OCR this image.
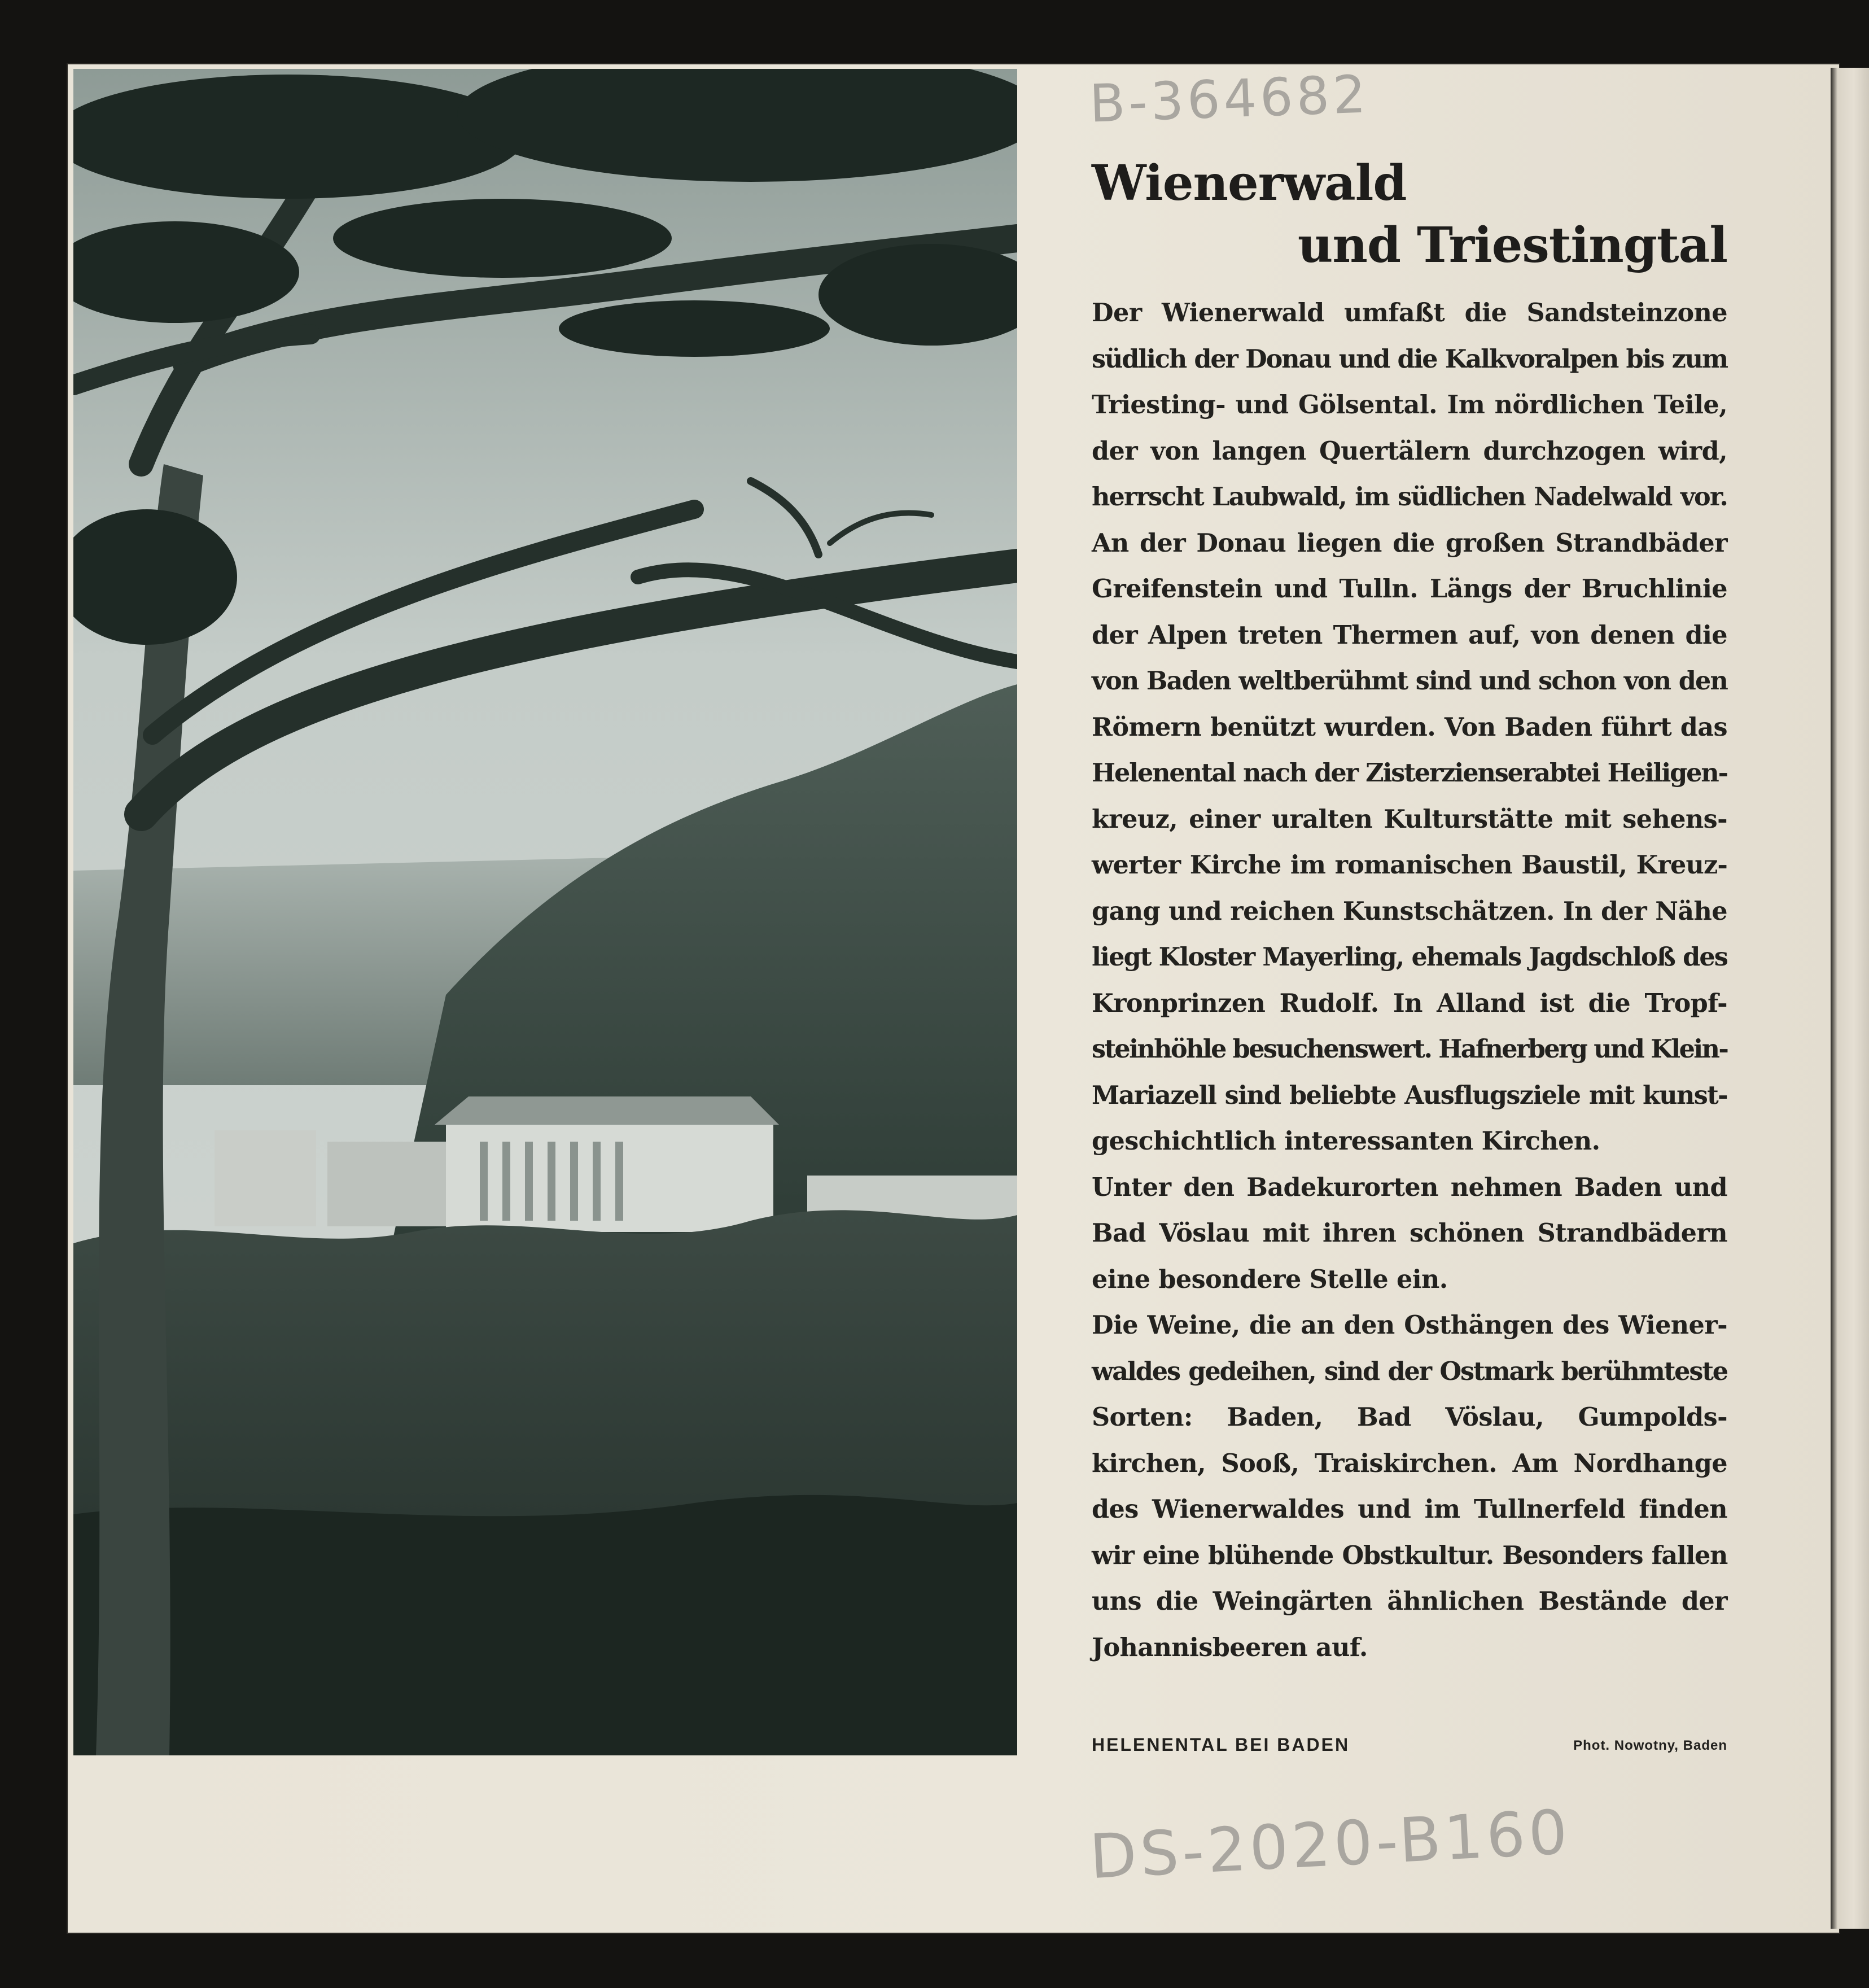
B-364682
DS-2020-B160
Wienerwald
und Triestingtal
Der Wienerwald umfaßt die Sandsteinzone
südlich der Donau und die Kalkvoralpen bis zum
Triesting- und Gölsental. Im nördlichen Teile,
der von langen Quertälern durchzogen wird,
herrscht Laubwald, im südlichen Nadelwald vor.
An der Donau liegen die großen Strandbäder
Greifenstein und Tulln. Längs der Bruchlinie
der Alpen treten Thermen auf, von denen die
von Baden weltberühmt sind und schon von den
Römern benützt wurden. Von Baden führt das
Helenental nach der Zisterzienserabtei Heiligen-
kreuz, einer uralten Kulturstätte mit sehens-
werter Kirche im romanischen Baustil, Kreuz-
gang und reichen Kunstschätzen. In der Nähe
liegt Kloster Mayerling, ehemals Jagdschloß des
Kronprinzen Rudolf. In Alland ist die Tropf-
steinhöhle besuchenswert. Hafnerberg und Klein-
Mariazell sind beliebte Ausflugsziele mit kunst-
geschichtlich interessanten Kirchen.
Unter den Badekurorten nehmen Baden und
Bad Vöslau mit ihren schönen Strandbädern
eine besondere Stelle ein.
Die Weine, die an den Osthängen des Wiener-
waldes gedeihen, sind der Ostmark berühmteste
Sorten: Baden, Bad Vöslau, Gumpolds-
kirchen, Sooß, Traiskirchen. Am Nordhange
des Wienerwaldes und im Tullnerfeld finden
wir eine blühende Obstkultur. Besonders fallen
uns die Weingärten ähnlichen Bestände der
Johannisbeeren auf.
HELENENTAL BEI BADEN	Phot. Nowotny, Baden
